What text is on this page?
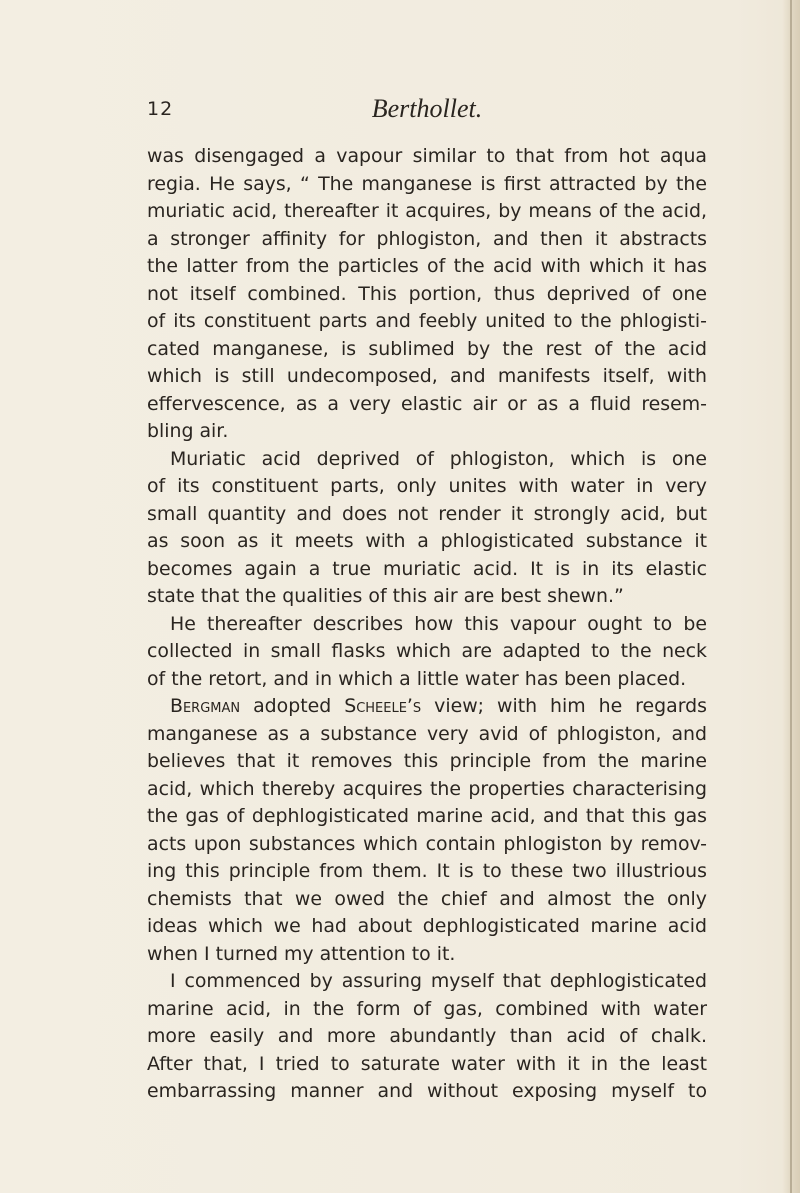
12	Berthollet.
was disengaged a vapour similar to that from hot aqua
regia. He says, “ The manganese is first attracted by the
muriatic acid, thereafter it acquires, by means of the acid,
a stronger affinity for phlogiston, and then it abstracts
the latter from the particles of the acid with which it has
not itself combined. This portion, thus deprived of one
of its constituent parts and feebly united to the phlogisti-
cated manganese, is sublimed by the rest of the acid
which is still undecomposed, and manifests itself, with
effervescence, as a very elastic air or as a fluid resem-
bling air.
Muriatic acid deprived of phlogiston, which is one
of its constituent parts, only unites with water in very
small quantity and does not render it strongly acid, but
as soon as it meets with a phlogisticated substance it
becomes again a true muriatic acid. It is in its elastic
state that the qualities of this air are best shewn.”
He thereafter describes how this vapour ought to be
collected in small flasks which are adapted to the neck
of the retort, and in which a little water has been placed.
Bergman adopted Scheele’s view; with him he regards
manganese as a substance very avid of phlogiston, and
believes that it removes this principle from the marine
acid, which thereby acquires the properties characterising
the gas of dephlogisticated marine acid, and that this gas
acts upon substances which contain phlogiston by remov-
ing this principle from them. It is to these two illustrious
chemists that we owed the chief and almost the only
ideas which we had about dephlogisticated marine acid
when I turned my attention to it.
I commenced by assuring myself that dephlogisticated
marine acid, in the form of gas, combined with water
more easily and more abundantly than acid of chalk.
After that, I tried to saturate water with it in the least
embarrassing manner and without exposing myself to
